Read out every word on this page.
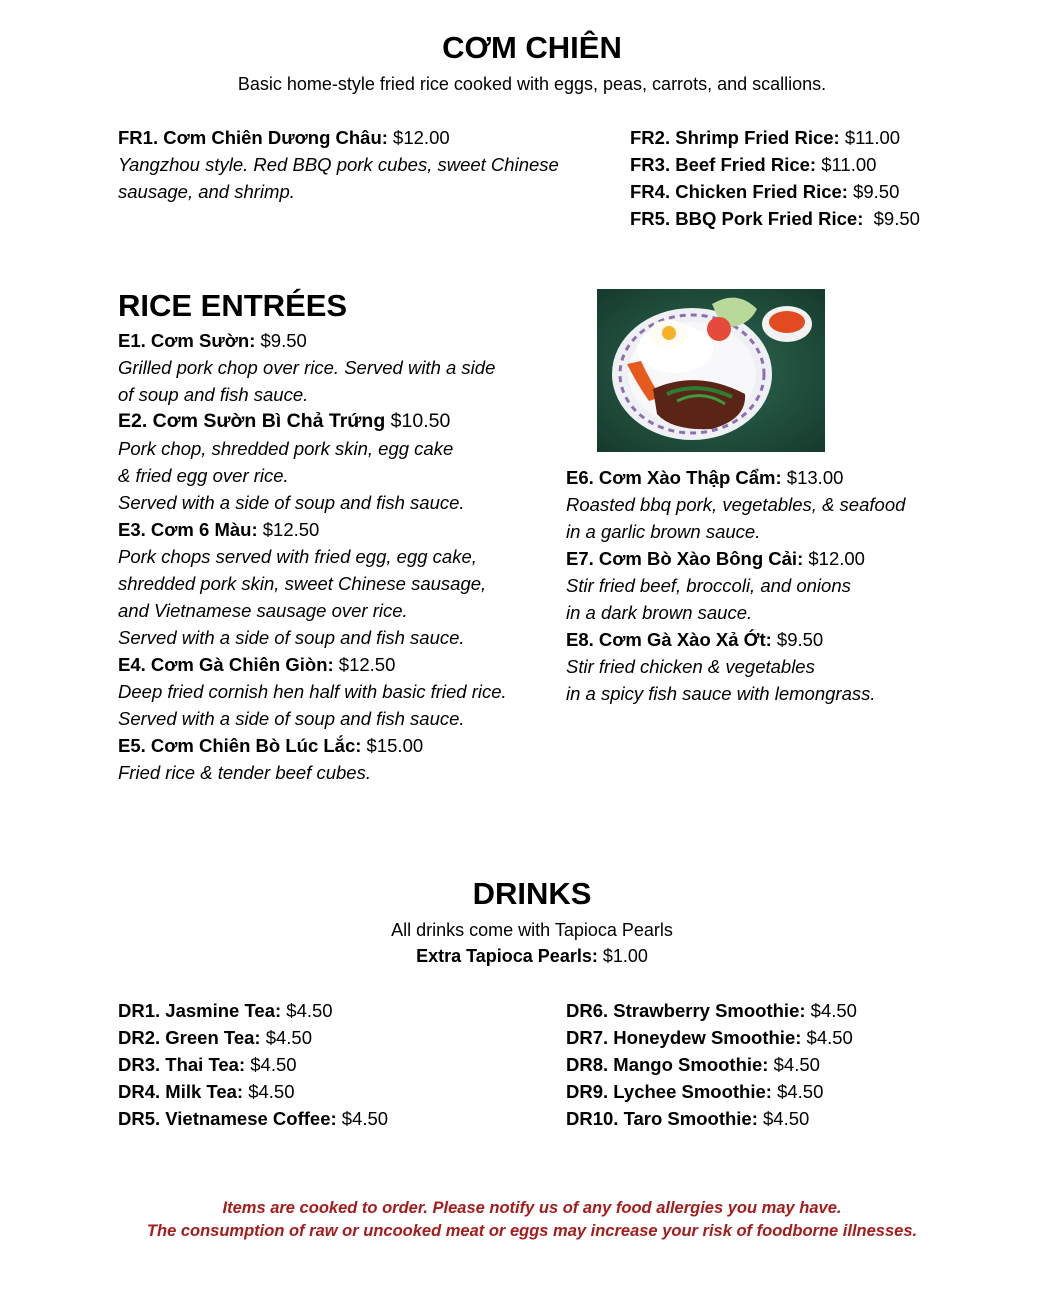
CƠM CHIÊN
Basic home-style fried rice cooked with eggs, peas, carrots, and scallions.
FR1. Cơm Chiên Dương Châu: $12.00
Yangzhou style. Red BBQ pork cubes, sweet Chinese
sausage, and shrimp.
FR2. Shrimp Fried Rice: $11.00
FR3. Beef Fried Rice: $11.00
FR4. Chicken Fried Rice: $9.50
FR5. BBQ Pork Fried Rice:  $9.50
RICE ENTRÉES
E1. Cơm Sườn: $9.50
Grilled pork chop over rice. Served with a side
of soup and fish sauce.
E2. Cơm Sườn Bì Chả Trứng $10.50
Pork chop, shredded pork skin, egg cake
& fried egg over rice.
Served with a side of soup and fish sauce.
E3. Cơm 6 Màu: $12.50
Pork chops served with fried egg, egg cake,
shredded pork skin, sweet Chinese sausage,
and Vietnamese sausage over rice.
Served with a side of soup and fish sauce.
E4. Cơm Gà Chiên Giòn: $12.50
Deep fried cornish hen half with basic fried rice.
Served with a side of soup and fish sauce.
E5. Cơm Chiên Bò Lúc Lắc: $15.00
Fried rice & tender beef cubes.
E6. Cơm Xào Thập Cẩm: $13.00
Roasted bbq pork, vegetables, & seafood
in a garlic brown sauce.
E7. Cơm Bò Xào Bông Cải: $12.00
Stir fried beef, broccoli, and onions
in a dark brown sauce.
E8. Cơm Gà Xào Xả Ớt: $9.50
Stir fried chicken & vegetables
in a spicy fish sauce with lemongrass.
DRINKS
All drinks come with Tapioca Pearls
Extra Tapioca Pearls: $1.00
DR1. Jasmine Tea: $4.50
DR2. Green Tea: $4.50
DR3. Thai Tea: $4.50
DR4. Milk Tea: $4.50
DR5. Vietnamese Coffee: $4.50
DR6. Strawberry Smoothie: $4.50
DR7. Honeydew Smoothie: $4.50
DR8. Mango Smoothie: $4.50
DR9. Lychee Smoothie: $4.50
DR10. Taro Smoothie: $4.50
Items are cooked to order. Please notify us of any food allergies you may have.
The consumption of raw or uncooked meat or eggs may increase your risk of foodborne illnesses.
